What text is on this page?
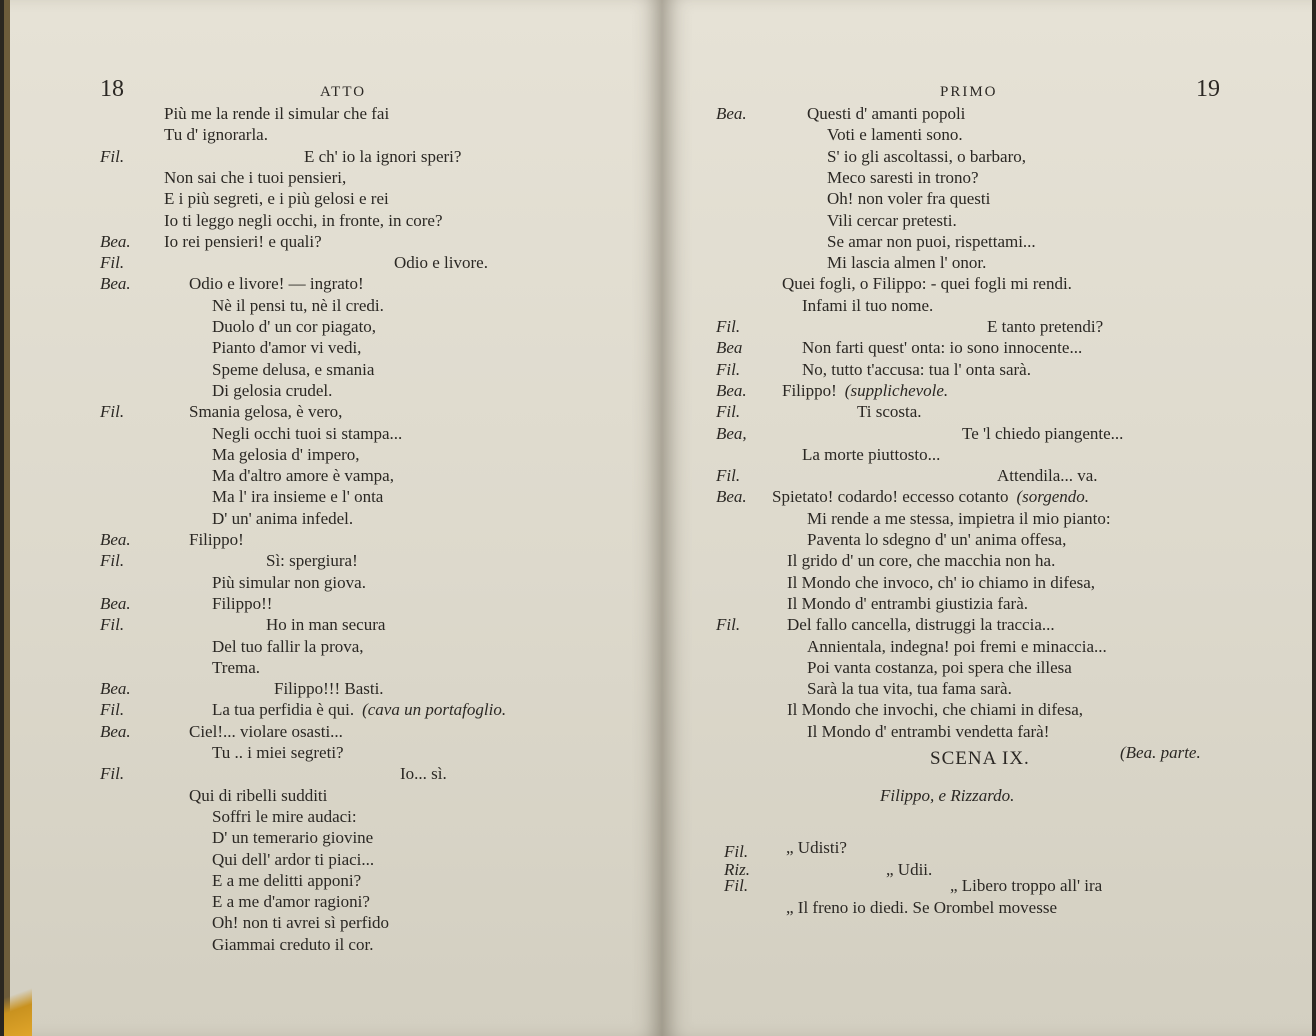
18	ATTO
Più me la rende il simular che fai
Tu d' ignorarla.
Fil.	E ch' io la ignori speri?
Non sai che i tuoi pensieri,
E i più segreti, e i più gelosi e rei
Io ti leggo negli occhi, in fronte, in core?
Bea. Io rei pensieri! e quali?
Fil.	Odio e livore.
Bea.	Odio e livore! — ingrato!
Nè il pensi tu, nè il credi.
Duolo d' un cor piagato,
Pianto d'amor vi vedi,
Speme delusa, e smania
Di gelosia crudel.
Fil.	Smania gelosa, è vero,
Negli occhi tuoi si stampa...
Ma gelosia d' impero,
Ma d'altro amore è vampa,
Ma l' ira insieme e l' onta
D' un' anima infedel.
Bea.	Filippo!
Fil.	Sì: spergiura!
Più simular non giova.
Bea.	Filippo!!
Fil.	Ho in man secura
Del tuo fallir la prova,
Trema.
Bea.	Filippo!!! Basti.
Fil.	La tua perfidia è qui. (cava un portafoglio.
Bea.	Ciel!... violare osasti...
Tu .. i miei segreti?
Fil.	Io... sì.
Qui di ribelli sudditi
Soffri le mire audaci:
D' un temerario giovine
Qui dell' ardor ti piaci...
E a me delitti apponi?
E a me d'amor ragioni?
Oh! non ti avrei sì perfido
Giammai creduto il cor.
PRIMO	19
Bea.	Questi d' amanti popoli
Voti e lamenti sono.
S' io gli ascoltassi, o barbaro,
Meco saresti in trono?
Oh! non voler fra questi
Vili cercar pretesti.
Se amar non puoi, rispettami...
Mi lascia almen l' onor.
Quei fogli, o Filippo: - quei fogli mi rendi.
Infami il tuo nome.
Fil.	E tanto pretendi?
Bea	Non farti quest' onta: io sono innocente...
Fil.	No, tutto t'accusa: tua l' onta sarà.
Bea. Filippo! (supplichevole.
Fil.	Ti scosta.
Bea,	Te 'l chiedo piangente...
La morte piuttosto...
Fil.	Attendila... va.
Bea. Spietato! codardo! eccesso cotanto (sorgendo.
Mi rende a me stessa, impietra il mio pianto:
Paventa lo sdegno d' un' anima offesa,
Il grido d' un core, che macchia non ha.
Il Mondo che invoco, ch' io chiamo in difesa,
Il Mondo d' entrambi giustizia farà.
Fil.	Del fallo cancella, distruggi la traccia...
Annientala, indegna! poi fremi e minaccia...
Poi vanta costanza, poi spera che illesa
Sarà la tua vita, tua fama sarà.
Il Mondo che invochi, che chiami in difesa,
Il Mondo d' entrambi vendetta farà!
(Bea. parte.
SCENA IX.
Filippo, e Rizzardo.
Fil. „ Udisti?
Riz.	„ Udii.
Fil.	„ Libero troppo all' ira
„ Il freno io diedi. Se Orombel movesse
